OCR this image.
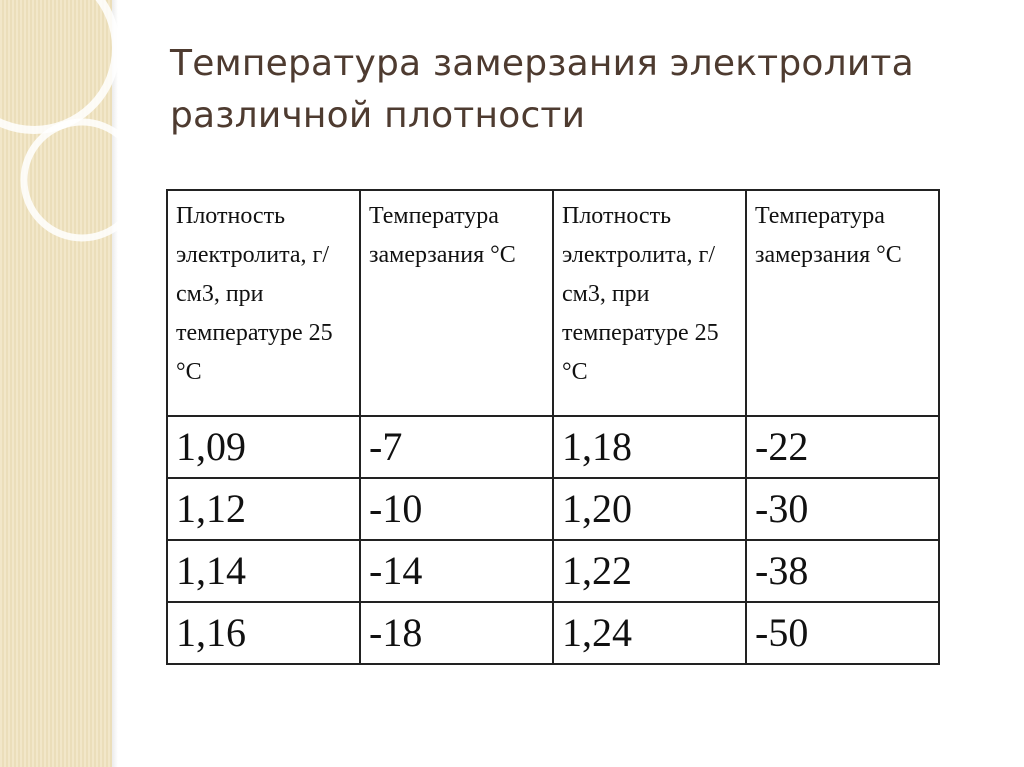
Температура замерзания электролита
различной плотности
Плотность электролита, г/см3, при температуре 25 °С	Температура замерзания °С	Плотность электролита, г/см3, при температуре 25 °С	Температура замерзания °С
1,09	-7	1,18	-22
1,12	-10	1,20	-30
1,14	-14	1,22	-38
1,16	-18	1,24	-50
